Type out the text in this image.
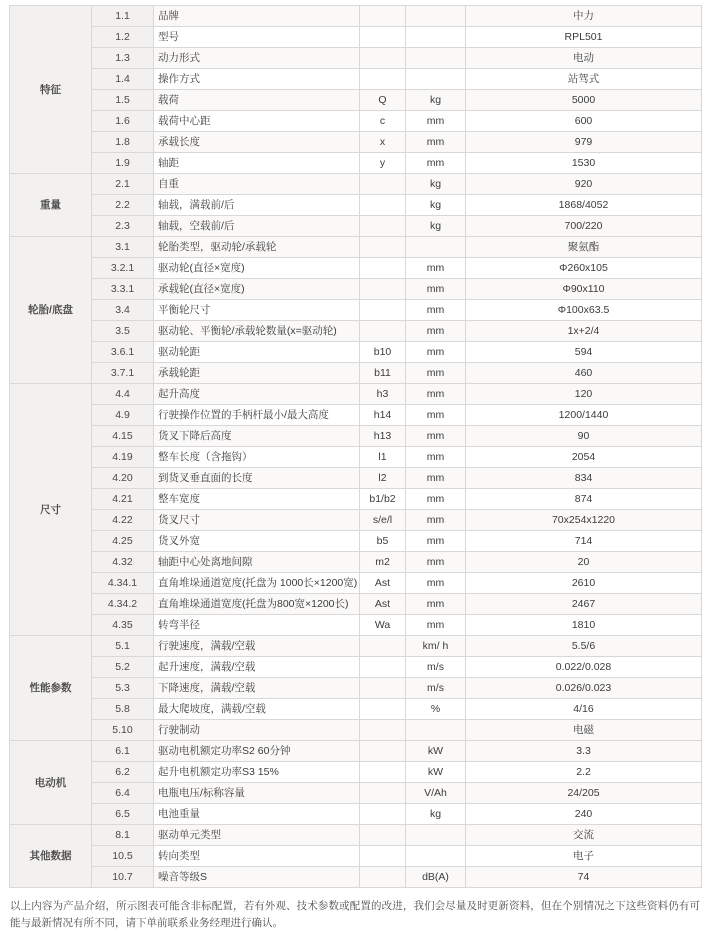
特征	1.1	品牌			中力
	1.2	型号			RPL501
	1.3	动力形式			电动
	1.4	操作方式			站驾式
	1.5	载荷	Q	kg	5000
	1.6	载荷中心距	c	mm	600
	1.8	承载长度	x	mm	979
	1.9	轴距	y	mm	1530
重量	2.1	自重		kg	920
	2.2	轴载，满载前/后		kg	1868/4052
	2.3	轴载，空载前/后		kg	700/220
轮胎/底盘	3.1	轮胎类型，驱动轮/承载轮			聚氨酯
	3.2.1	驱动轮(直径×宽度)		mm	Φ260x105
	3.3.1	承载轮(直径×宽度)		mm	Φ90x110
	3.4	平衡轮尺寸		mm	Φ100x63.5
	3.5	驱动轮、平衡轮/承载轮数量(x=驱动轮)		mm	1x+2/4
	3.6.1	驱动轮距	b10	mm	594
	3.7.1	承载轮距	b11	mm	460
尺寸	4.4	起升高度	h3	mm	120
	4.9	行驶操作位置的手柄杆最小/最大高度	h14	mm	1200/1440
	4.15	货叉下降后高度	h13	mm	90
	4.19	整车长度（含拖钩）	l1	mm	2054
	4.20	到货叉垂直面的长度	l2	mm	834
	4.21	整车宽度	b1/b2	mm	874
	4.22	货叉尺寸	s/e/l	mm	70x254x1220
	4.25	货叉外宽	b5	mm	714
	4.32	轴距中心处离地间隙	m2	mm	20
	4.34.1	直角堆垛通道宽度(托盘为 1000长×1200宽)	Ast	mm	2610
	4.34.2	直角堆垛通道宽度(托盘为800宽×1200长)	Ast	mm	2467
	4.35	转弯半径	Wa	mm	1810
性能参数	5.1	行驶速度，满载/空载		km/ h	5.5/6
	5.2	起升速度，满载/空载		m/s	0.022/0.028
	5.3	下降速度，满载/空载		m/s	0.026/0.023
	5.8	最大爬坡度，满载/空载		%	4/16
	5.10	行驶制动			电磁
电动机	6.1	驱动电机额定功率S2 60分钟		kW	3.3
	6.2	起升电机额定功率S3 15%		kW	2.2
	6.4	电瓶电压/标称容量		V/Ah	24/205
	6.5	电池重量		kg	240
其他数据	8.1	驱动单元类型			交流
	10.5	转向类型			电子
	10.7	噪音等级S		dB(A)	74
以上内容为产品介绍，所示图表可能含非标配置，若有外观、技术参数或配置的改进，我们会尽量及时更新资料，但在个别情况之下这些资料仍有可能与最新情况有所不同，请下单前联系业务经理进行确认。
